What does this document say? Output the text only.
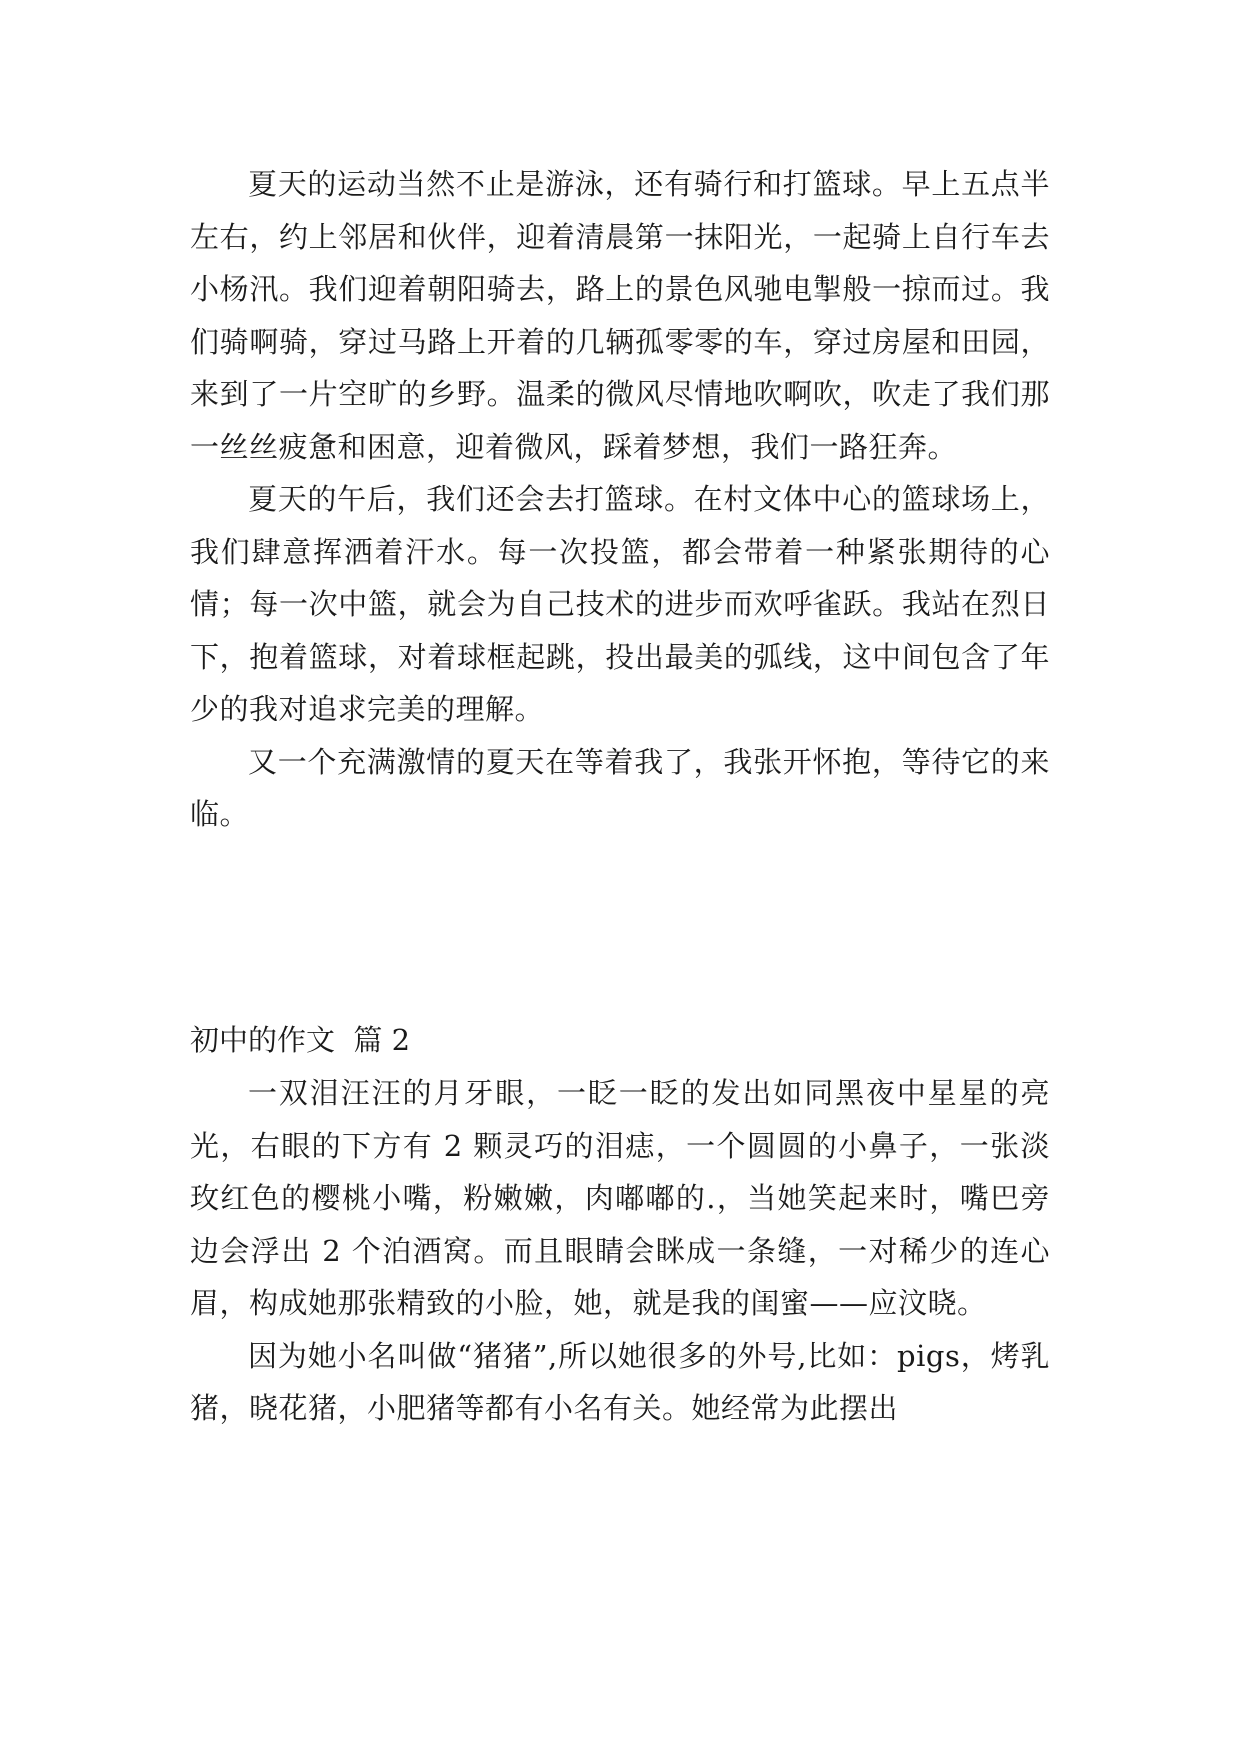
夏天的运动当然不止是游泳，还有骑行和打篮球。早上五点半左右，约上邻居和伙伴，迎着清晨第一抹阳光，一起骑上自行车去小杨汛。我们迎着朝阳骑去，路上的景色风驰电掣般一掠而过。我们骑啊骑，穿过马路上开着的几辆孤零零的车，穿过房屋和田园，来到了一片空旷的乡野。温柔的微风尽情地吹啊吹，吹走了我们那一丝丝疲惫和困意，迎着微风，踩着梦想，我们一路狂奔。

夏天的午后，我们还会去打篮球。在村文体中心的篮球场上，我们肆意挥洒着汗水。每一次投篮，都会带着一种紧张期待的心情；每一次中篮，就会为自己技术的进步而欢呼雀跃。我站在烈日下，抱着篮球，对着球框起跳，投出最美的弧线，这中间包含了年少的我对追求完美的理解。

又一个充满激情的夏天在等着我了，我张开怀抱，等待它的来临。

初中的作文  篇 2

一双泪汪汪的月牙眼，一眨一眨的发出如同黑夜中星星的亮光，右眼的下方有 2 颗灵巧的泪痣，一个圆圆的小鼻子，一张淡玫红色的樱桃小嘴，粉嫩嫩，肉嘟嘟的.，当她笑起来时，嘴巴旁边会浮出 2 个泊酒窝。而且眼睛会眯成一条缝，一对稀少的连心眉，构成她那张精致的小脸，她，就是我的闺蜜——应汶晓。

因为她小名叫做“猪猪”,所以她很多的外号,比如：pigs，烤乳猪，晓花猪，小肥猪等都有小名有关。她经常为此摆出
